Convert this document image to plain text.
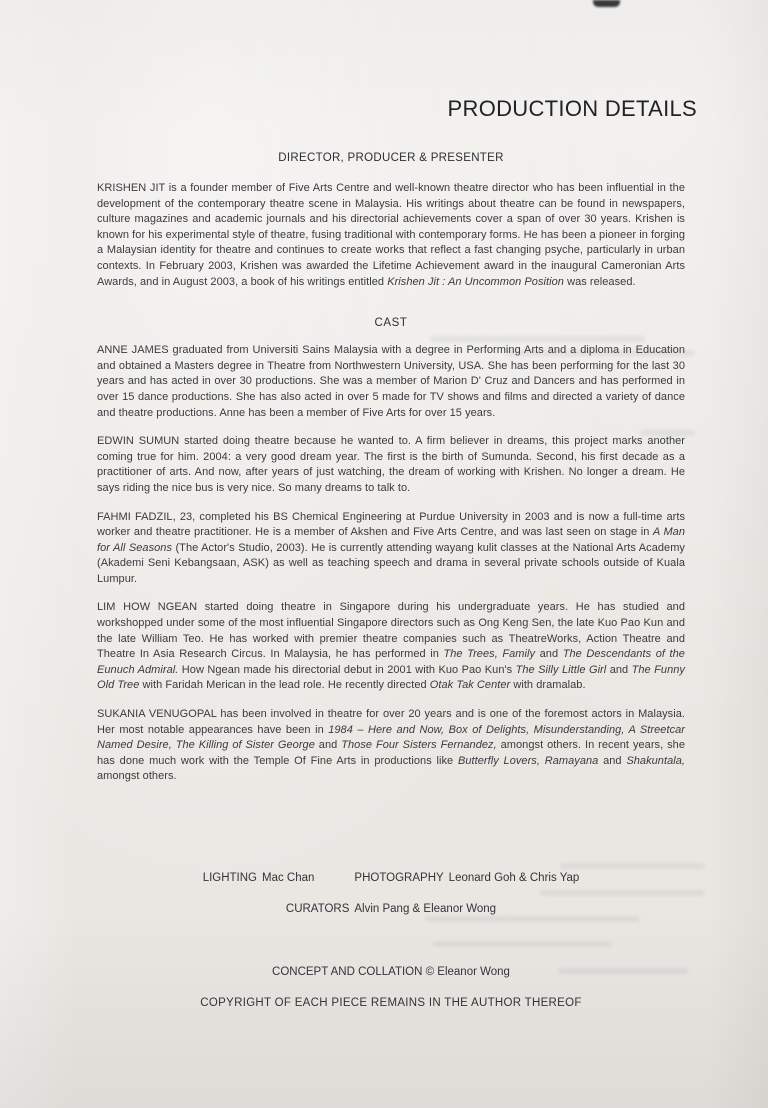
PRODUCTION DETAILS
DIRECTOR, PRODUCER & PRESENTER

KRISHEN JIT is a founder member of Five Arts Centre and well-known theatre director who has been influential in the development of the contemporary theatre scene in Malaysia. His writings about theatre can be found in newspapers, culture magazines and academic journals and his directorial achievements cover a span of over 30 years. Krishen is known for his experimental style of theatre, fusing traditional with contemporary forms. He has been a pioneer in forging a Malaysian identity for theatre and continues to create works that reflect a fast changing psyche, particularly in urban contexts. In February 2003, Krishen was awarded the Lifetime Achievement award in the inaugural Cameronian Arts Awards, and in August 2003, a book of his writings entitled Krishen Jit : An Uncommon Position was released.

CAST

ANNE JAMES graduated from Universiti Sains Malaysia with a degree in Performing Arts and a diploma in Education and obtained a Masters degree in Theatre from Northwestern University, USA. She has been performing for the last 30 years and has acted in over 30 productions. She was a member of Marion D' Cruz and Dancers and has performed in over 15 dance productions. She has also acted in over 5 made for TV shows and films and directed a variety of dance and theatre productions. Anne has been a member of Five Arts for over 15 years.

EDWIN SUMUN started doing theatre because he wanted to. A firm believer in dreams, this project marks another coming true for him. 2004: a very good dream year. The first is the birth of Sumunda. Second, his first decade as a practitioner of arts. And now, after years of just watching, the dream of working with Krishen. No longer a dream. He says riding the nice bus is very nice. So many dreams to talk to.

FAHMI FADZIL, 23, completed his BS Chemical Engineering at Purdue University in 2003 and is now a full-time arts worker and theatre practitioner. He is a member of Akshen and Five Arts Centre, and was last seen on stage in A Man for All Seasons (The Actor's Studio, 2003). He is currently attending wayang kulit classes at the National Arts Academy (Akademi Seni Kebangsaan, ASK) as well as teaching speech and drama in several private schools outside of Kuala Lumpur.

LIM HOW NGEAN started doing theatre in Singapore during his undergraduate years. He has studied and workshopped under some of the most influential Singapore directors such as Ong Keng Sen, the late Kuo Pao Kun and the late William Teo. He has worked with premier theatre companies such as TheatreWorks, Action Theatre and Theatre In Asia Research Circus. In Malaysia, he has performed in The Trees, Family and The Descendants of the Eunuch Admiral. How Ngean made his directorial debut in 2001 with Kuo Pao Kun's The Silly Little Girl and The Funny Old Tree with Faridah Merican in the lead role. He recently directed Otak Tak Center with dramalab.

SUKANIA VENUGOPAL has been involved in theatre for over 20 years and is one of the foremost actors in Malaysia. Her most notable appearances have been in 1984 – Here and Now, Box of Delights, Misunderstanding, A Streetcar Named Desire, The Killing of Sister George and Those Four Sisters Fernandez, amongst others. In recent years, she has done much work with the Temple Of Fine Arts in productions like Butterfly Lovers, Ramayana and Shakuntala, amongst others.

LIGHTING Mac Chan	PHOTOGRAPHY Leonard Goh & Chris Yap
CURATORS Alvin Pang & Eleanor Wong
CONCEPT AND COLLATION © Eleanor Wong
COPYRIGHT OF EACH PIECE REMAINS IN THE AUTHOR THEREOF
